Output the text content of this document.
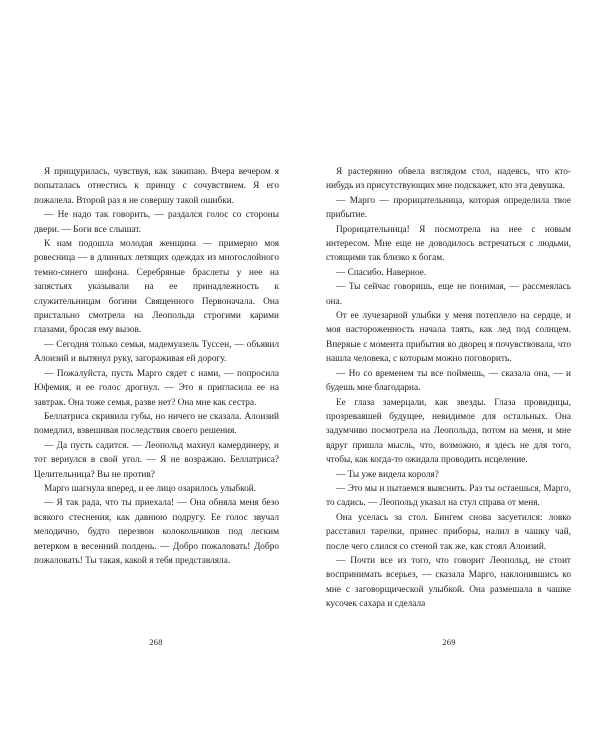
Я прищурилась, чувствуя, как закипаю. Вчера вечером я попыталась отнестись к принцу с сочувствием. Я его пожалела. Второй раз я не совершу такой ошибки.

— Не надо так говорить, — раздался голос со стороны двери. — Боги все слышат.

К нам подошла молодая женщина — примерно моя ровесница — в длинных летящих одеждах из многослойного темно-синего шифона. Серебряные браслеты у нее на запястьях указывали на ее принадлежность к служительницам богини Священного Первоначала. Она пристально смотрела на Леопольда строгими карими глазами, бросая ему вызов.

— Сегодня только семья, мадемуазель Туссен, — объявил Алоизий и вытянул руку, загораживая ей дорогу.

— Пожалуйста, пусть Марго сядет с нами, — попросила Юфемия, и ее голос дрогнул. — Это я пригласила ее на завтрак. Она тоже семья, разве нет? Она мне как сестра.

Беллатриса скривила губы, но ничего не сказала. Алоизий помедлил, взвешивая последствия своего решения.

— Да пусть садится. — Леопольд махнул камердинеру, и тот вернулся в свой угол. — Я не возражаю. Беллатриса? Целительница? Вы не против?

Марго шагнула вперед, и ее лицо озарилось улыбкой.

— Я так рада, что ты приехала! — Она обняла меня безо всякого стеснения, как давнюю подругу. Ее голос звучал мелодично, будто перезвон колокольчиков под легким ветерком в весенний полдень. — Добро пожаловать! Добро пожаловать! Ты такая, какой я тебя представляла.

268

Я растерянно обвела взглядом стол, надеясь, что кто-нибудь из присутствующих мне подскажет, кто эта девушка.

— Марго — прорицательница, которая определила твое прибытие.

Прорицательница! Я посмотрела на нее с новым интересом. Мне еще не доводилось встречаться с людьми, стоящими так близко к богам.

— Спасибо. Наверное.

— Ты сейчас говоришь, еще не понимая, — рассмеялась она.

От ее лучезарной улыбки у меня потеплело на сердце, и моя настороженность начала таять, как лед под солнцем. Впервые с момента прибытия во дворец я почувствовала, что нашла человека, с которым можно поговорить.

— Но со временем ты все поймешь, — сказала она, — и будешь мне благодарна.

Ее глаза замерцали, как звезды. Глаза провидицы, прозревавшей будущее, невидимое для остальных. Она задумчиво посмотрела на Леопольда, потом на меня, и мне вдруг пришла мысль, что, возможно, я здесь не для того, чтобы, как когда-то ожидала проводить исцеление.

— Ты уже видела короля?

— Это мы и пытаемся выяснить. Раз ты остаешься, Марго, то садись. — Леопольд указал на стул справа от меня.

Она уселась за стол. Бингем снова засуетился: ловко расставил тарелки, принес приборы, налил в чашку чай, после чего слился со стеной так же, как стоял Алоизий.

— Почти все из того, что говорит Леопольд, не стоит воспринимать всерьез, — сказала Марго, наклонившись ко мне с заговорщической улыбкой. Она размешала в чашке кусочек сахара и сделала

269
